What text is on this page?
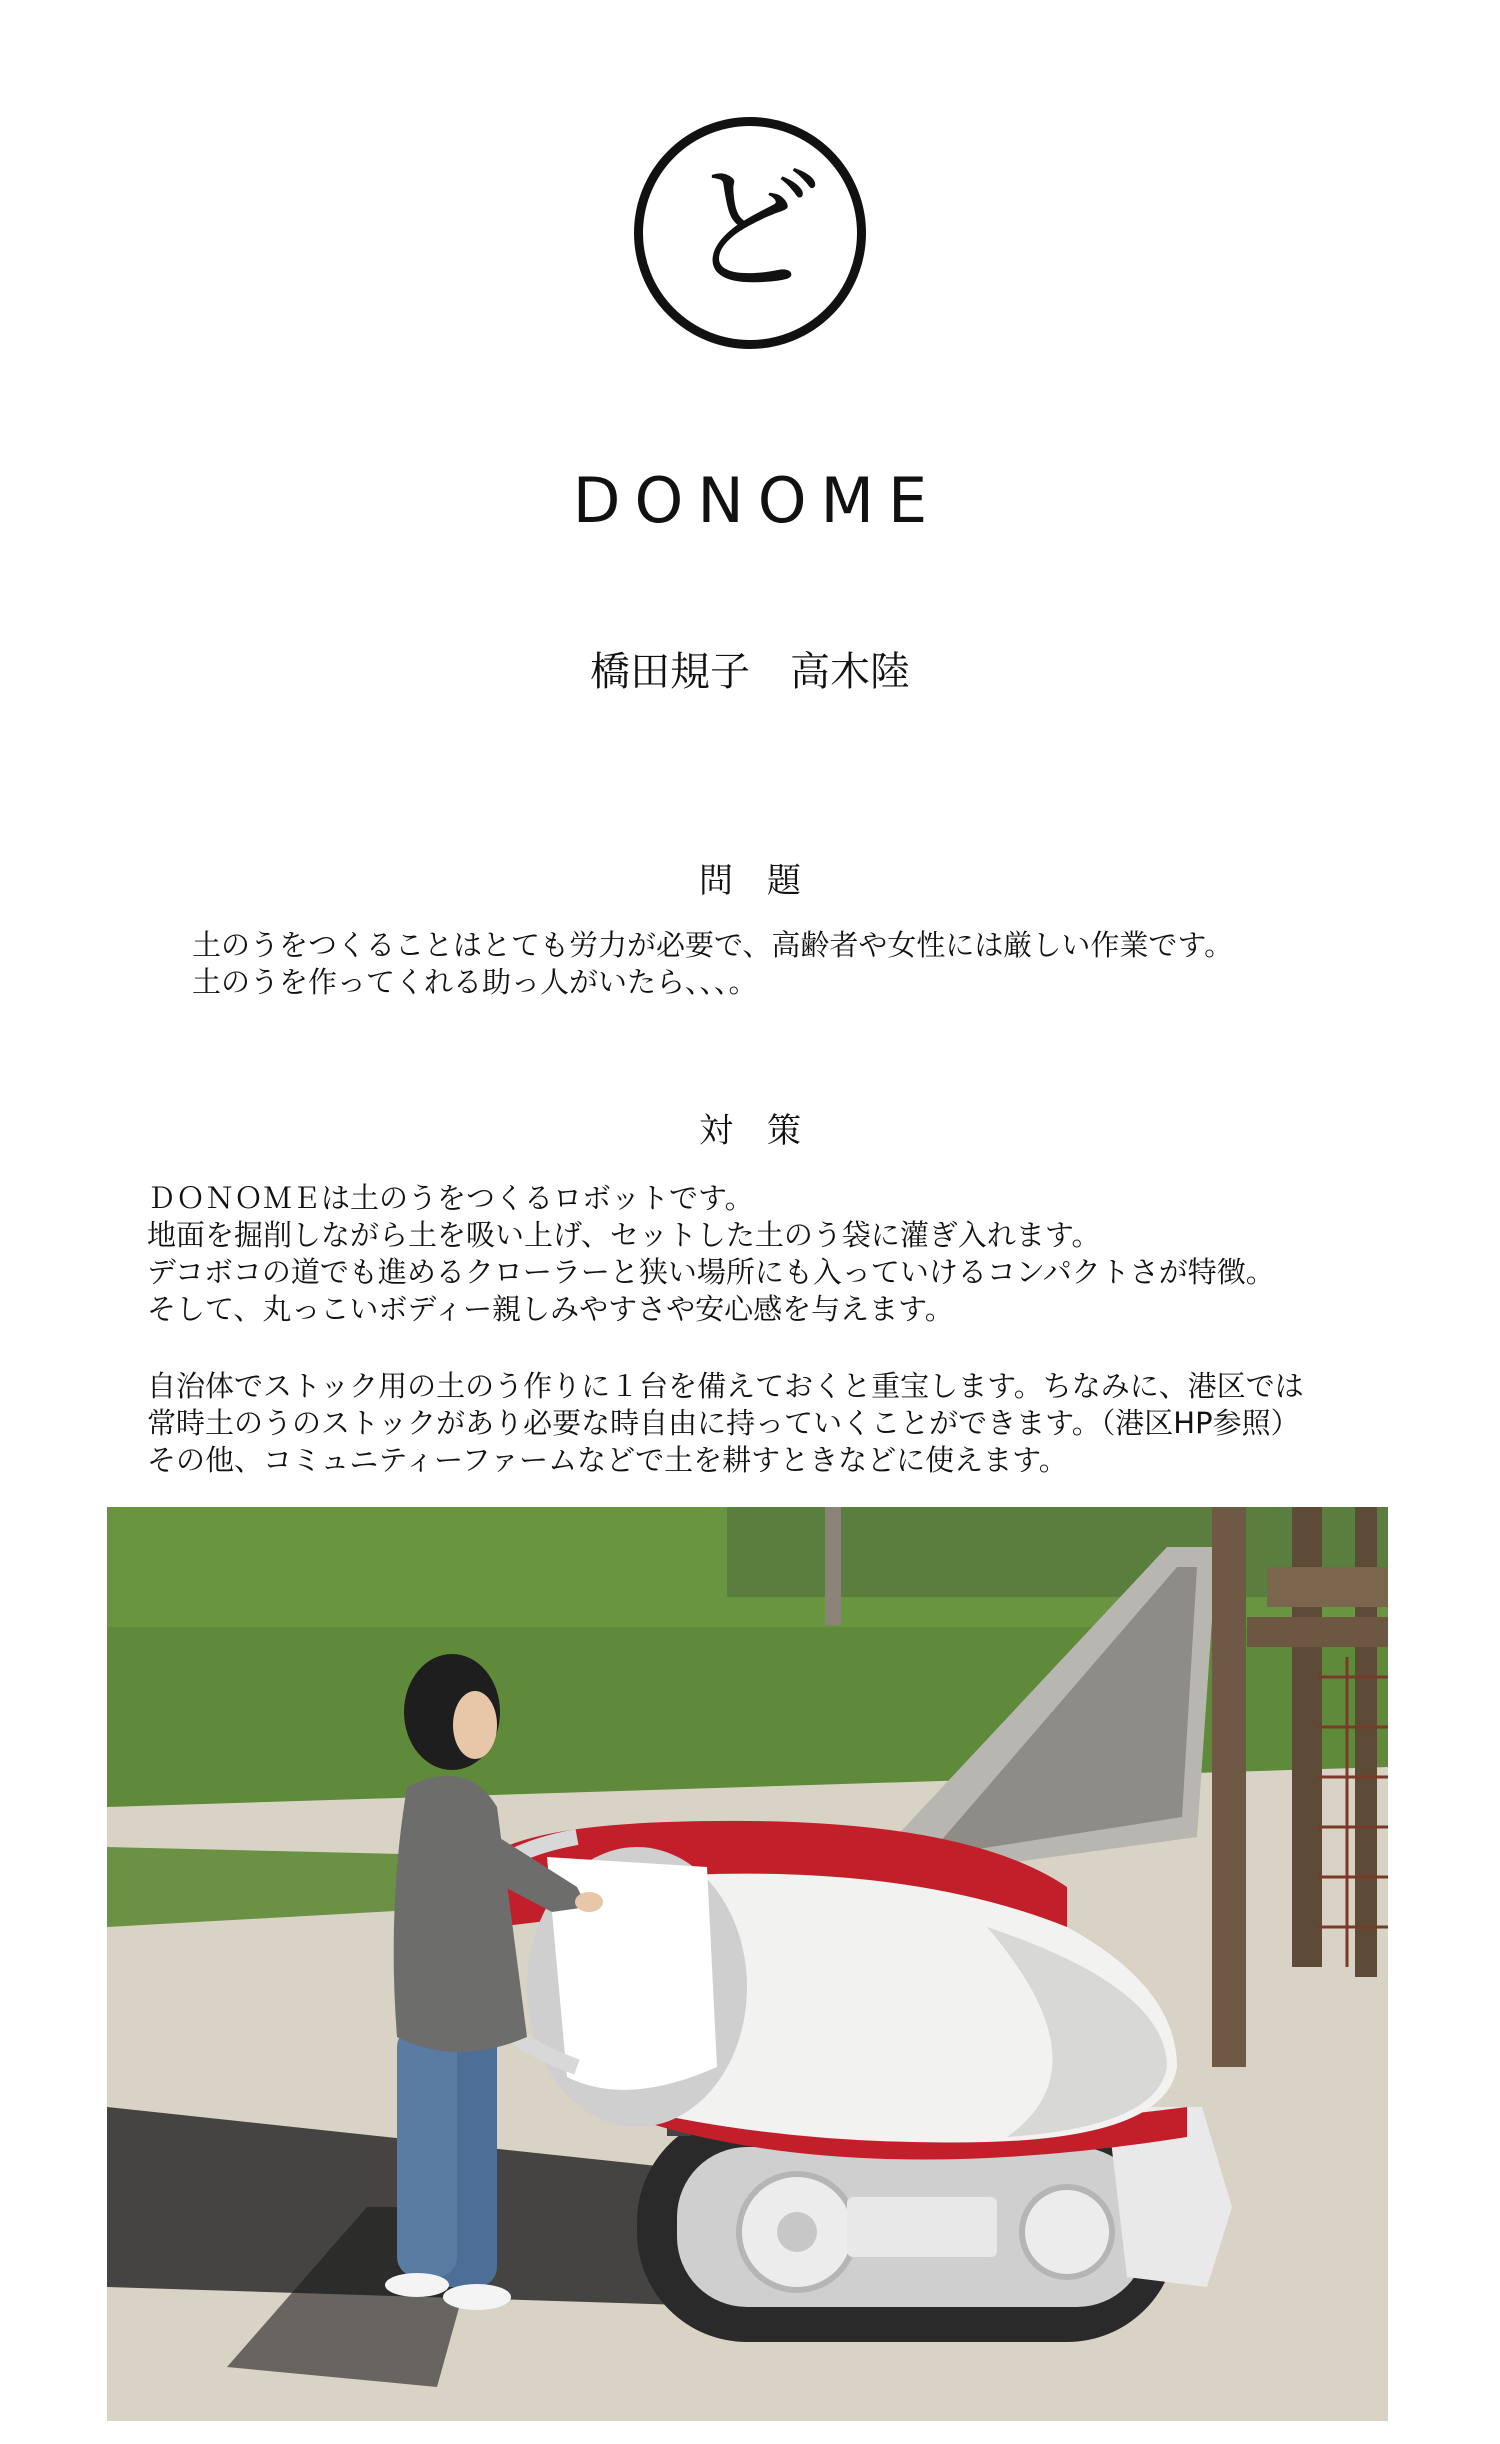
ど
DONOME
橋田規子　高木陸
問　題
土のうをつくることはとても労力が必要で、高齢者や女性には厳しい作業です。
土のうを作ってくれる助っ人がいたら、、、。
対　策
ＤＯＮＯＭＥは土のうをつくるロボットです。
地面を掘削しながら土を吸い上げ、セットした土のう袋に灌ぎ入れます。
デコボコの道でも進めるクローラーと狭い場所にも入っていけるコンパクトさが特徴。
そして、丸っこいボディー親しみやすさや安心感を与えます。
自治体でストック用の土のう作りに１台を備えておくと重宝します。ちなみに、港区では
常時土のうのストックがあり必要な時自由に持っていくことができます。（港区HP参照）
その他、コミュニティーファームなどで土を耕すときなどに使えます。
